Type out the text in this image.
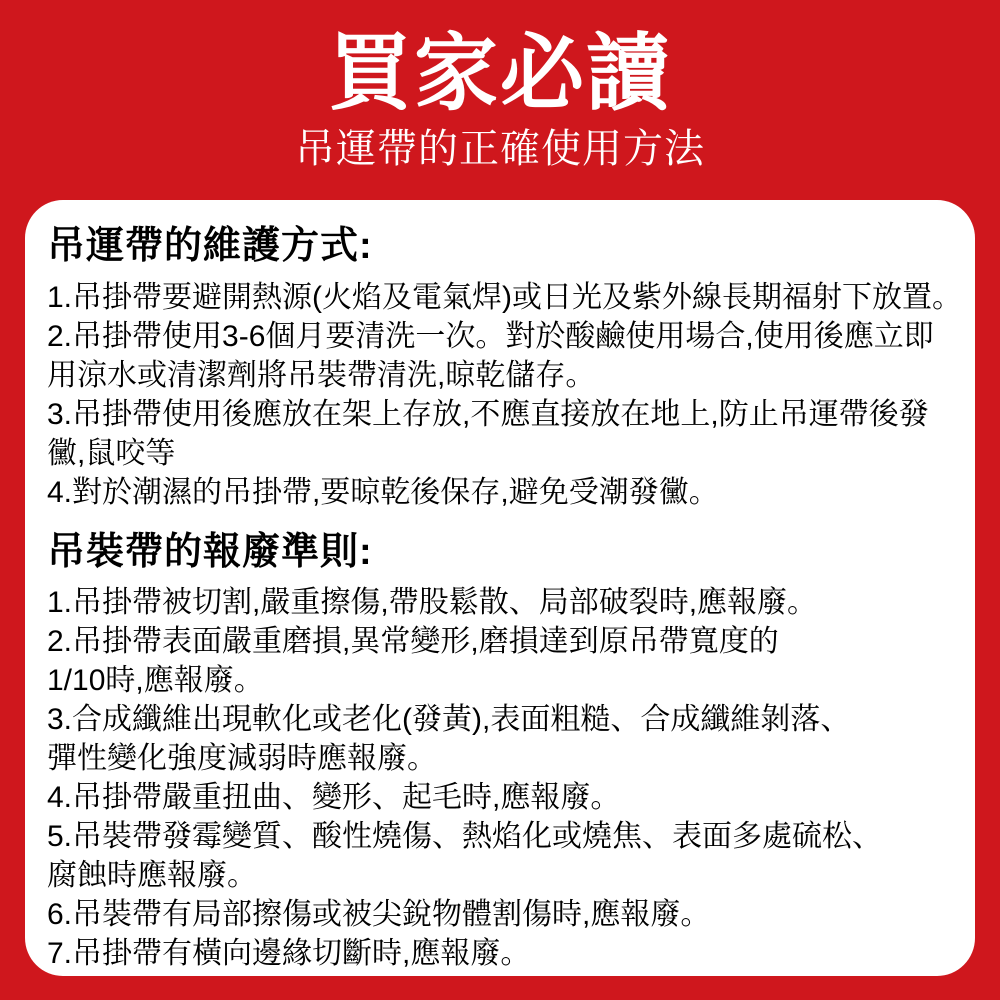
買家必讀
吊運帶的正確使用方法
吊運帶的維護方式:
1.吊掛帶要避開熱源(火焰及電氣焊)或日光及紫外線長期福射下放置。
2.吊掛帶使用3-6個月要清洗一次。對於酸鹼使用場合,使用後應立即
用涼水或清潔劑將吊裝帶清洗,晾乾儲存。
3.吊掛帶使用後應放在架上存放,不應直接放在地上,防止吊運帶後發
黴,鼠咬等
4.對於潮濕的吊掛帶,要晾乾後保存,避免受潮發黴。
吊裝帶的報廢準則:
1.吊掛帶被切割,嚴重擦傷,帶股鬆散、局部破裂時,應報廢。
2.吊掛帶表面嚴重磨損,異常變形,磨損達到原吊帶寬度的
1/10時,應報廢。
3.合成纖維出現軟化或老化(發黃),表面粗糙、合成纖維剝落、
彈性變化強度減弱時應報廢。
4.吊掛帶嚴重扭曲、變形、起毛時,應報廢。
5.吊裝帶發霉變質、酸性燒傷、熱焰化或燒焦、表面多處硫松、
腐蝕時應報廢。
6.吊裝帶有局部擦傷或被尖銳物體割傷時,應報廢。
7.吊掛帶有橫向邊緣切斷時,應報廢。
